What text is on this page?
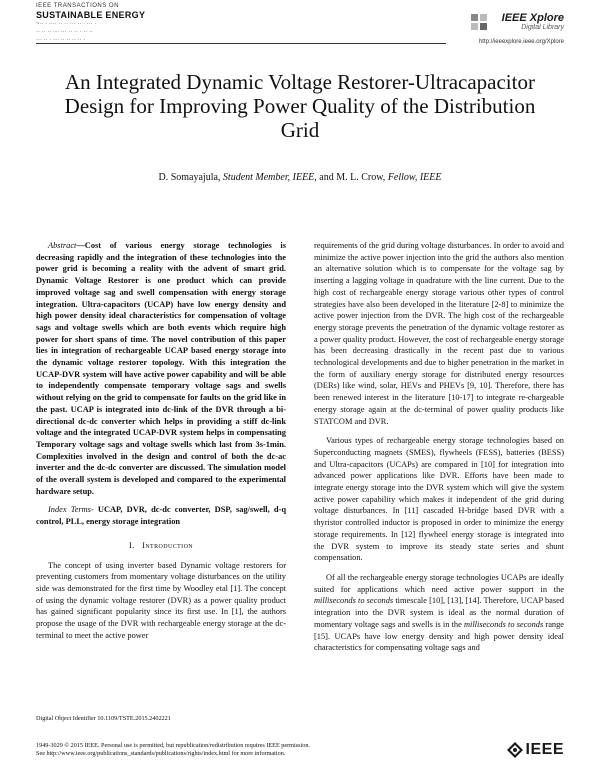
IEEE TRANSACTIONS ON
SUSTAINABLE ENERGY
~·· · ···· ·· ·· ··· ·· · ··· ·
·· ·· ·· ··· ··· ·· ·· · ·· ··
··· ·· · ··· ·· ·· ·· ·· ·
IEEE Xplore
Digital Library
http://ieeexplore.ieee.org/Xplore
An Integrated Dynamic Voltage Restorer-Ultracapacitor Design for Improving Power Quality of the Distribution Grid
D. Somayajula, Student Member, IEEE, and M. L. Crow, Fellow, IEEE

Abstract—Cost of various energy storage technologies is decreasing rapidly and the integration of these technologies into the power grid is becoming a reality with the advent of smart grid. Dynamic Voltage Restorer is one product which can provide improved voltage sag and swell compensation with energy storage integration. Ultra-capacitors (UCAP) have low energy density and high power density ideal characteristics for compensation of voltage sags and voltage swells which are both events which require high power for short spans of time. The novel contribution of this paper lies in integration of rechargeable UCAP based energy storage into the dynamic voltage restorer topology. With this integration the UCAP-DVR system will have active power capability and will be able to independently compensate temporary voltage sags and swells without relying on the grid to compensate for faults on the grid like in the past. UCAP is integrated into dc-link of the DVR through a bi-directional dc-dc converter which helps in providing a stiff dc-link voltage and the integrated UCAP-DVR system helps in compensating Temporary voltage sags and voltage swells which last from 3s-1min. Complexities involved in the design and control of both the dc-ac inverter and the dc-dc converter are discussed. The simulation model of the overall system is developed and compared to the experimental hardware setup.

Index Terms- UCAP, DVR, dc-dc converter, DSP, sag/swell, d-q control, PLL, energy storage integration

I. Introduction

The concept of using inverter based Dynamic voltage restorers for preventing customers from momentary voltage disturbances on the utility side was demonstrated for the first time by Woodley etal [1]. The concept of using the dynamic voltage restorer (DVR) as a power quality product has gained significant popularity since its first use. In [1], the authors propose the usage of the DVR with rechargeable energy storage at the dc-terminal to meet the active power

requirements of the grid during voltage disturbances. In order to avoid and minimize the active power injection into the grid the authors also mention an alternative solution which is to compensate for the voltage sag by inserting a lagging voltage in quadrature with the line current. Due to the high cost of rechargeable energy storage various other types of control strategies have also been developed in the literature [2-8] to minimize the active power injection from the DVR. The high cost of the rechargeable energy storage prevents the penetration of the dynamic voltage restorer as a power quality product. However, the cost of rechargeable energy storage has been decreasing drastically in the recent past due to various technological developments and due to higher penetration in the market in the form of auxiliary energy storage for distributed energy resources (DERs) like wind, solar, HEVs and PHEVs [9, 10]. Therefore, there has been renewed interest in the literature [10-17] to integrate re-chargeable energy storage again at the dc-terminal of power quality products like STATCOM and DVR.

Various types of rechargeable energy storage technologies based on Superconducting magnets (SMES), flywheels (FESS), batteries (BESS) and Ultra-capacitors (UCAPs) are compared in [10] for integration into advanced power applications like DVR. Efforts have been made to integrate energy storage into the DVR system which will give the system active power capability which makes it independent of the grid during voltage disturbances. In [11] cascaded H-bridge based DVR with a thyristor controlled inductor is proposed in order to minimize the energy storage requirements. In [12] flywheel energy storage is integrated into the DVR system to improve its steady state series and shunt compensation.

Of all the rechargeable energy storage technologies UCAPs are ideally suited for applications which need active power support in the milliseconds to seconds timescale [10], [13], [14]. Therefore, UCAP based integration into the DVR system is ideal as the normal duration of momentary voltage sags and swells is in the milliseconds to seconds range [15]. UCAPs have low energy density and high power density ideal characteristics for compensating voltage sags and

Digital Object Identifier 10.1109/TSTE.2015.2402221
1949-3029 © 2015 IEEE. Personal use is permitted, but republication/redistribution requires IEEE permission.
See http://www.ieee.org/publications_standards/publications/rights/index.html for more information.	IEEE
